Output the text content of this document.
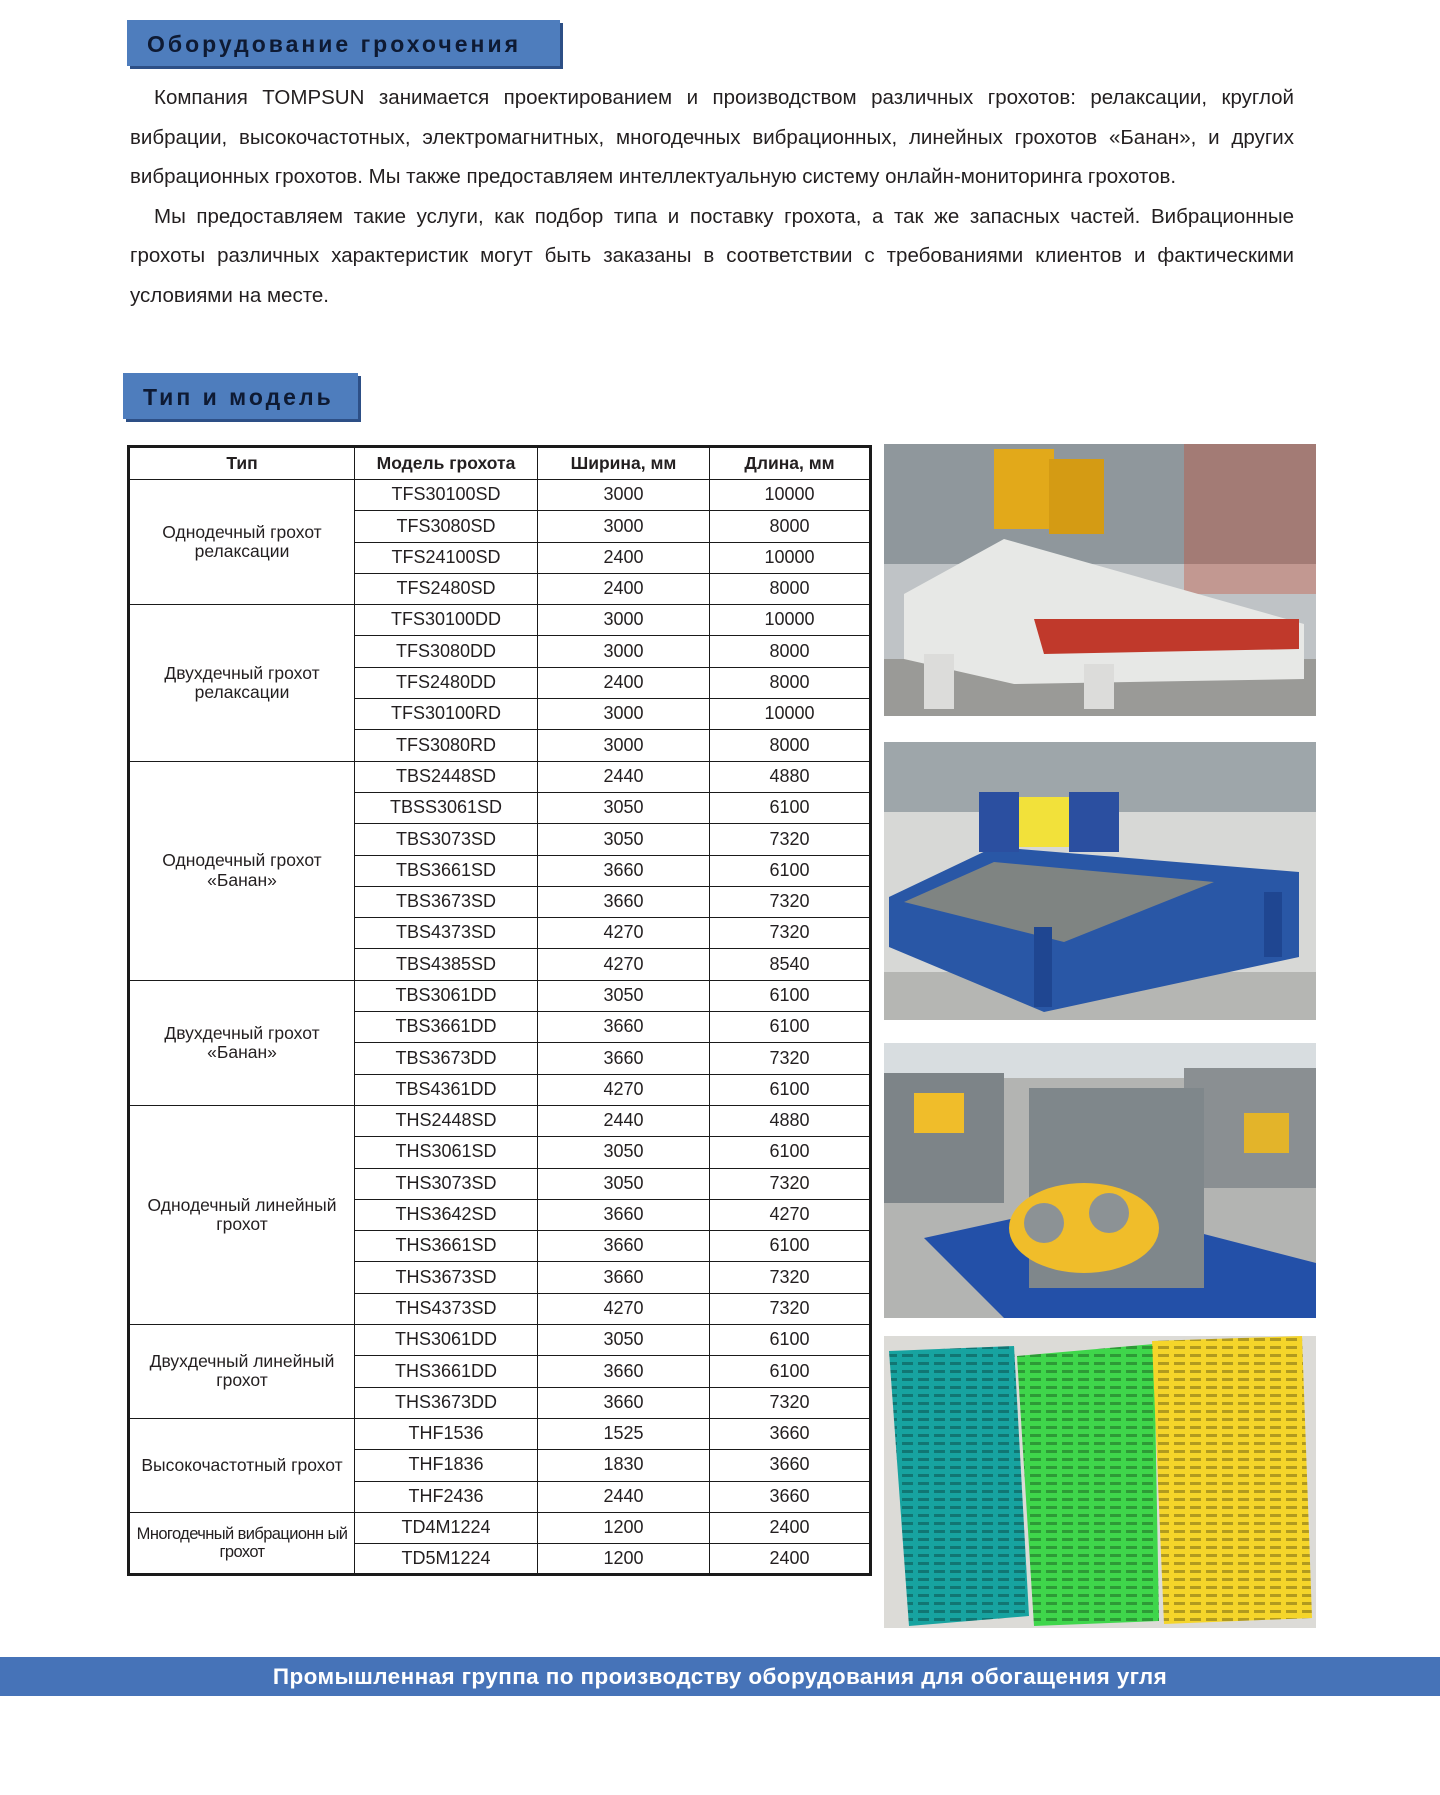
Оборудование грохочения

Компания TOMPSUN занимается проектированием и производством различных грохотов: релаксации, круглой вибрации, высокочастотных, электромагнитных, многодечных вибрационных, линейных грохотов «Банан», и других вибрационных грохотов. Мы также предоставляем интеллектуальную систему онлайн-мониторинга грохотов.

Мы предоставляем такие услуги, как подбор типа и поставку грохота, а так же запасных частей. Вибрационные грохоты различных характеристик могут быть заказаны в соответствии с требованиями клиентов и фактическими условиями на месте.

Тип и модель
Тип	Модель грохота	Ширина, мм	Длина, мм
Однодечный грохот релаксации	TFS30100SD	3000	10000
	TFS3080SD	3000	8000
	TFS24100SD	2400	10000
	TFS2480SD	2400	8000
Двухдечный грохот релаксации	TFS30100DD	3000	10000
	TFS3080DD	3000	8000
	TFS2480DD	2400	8000
	TFS30100RD	3000	10000
	TFS3080RD	3000	8000
Однодечный грохот «Банан»	TBS2448SD	2440	4880
	TBSS3061SD	3050	6100
	TBS3073SD	3050	7320
	TBS3661SD	3660	6100
	TBS3673SD	3660	7320
	TBS4373SD	4270	7320
	TBS4385SD	4270	8540
Двухдечный грохот «Банан»	TBS3061DD	3050	6100
	TBS3661DD	3660	6100
	TBS3673DD	3660	7320
	TBS4361DD	4270	6100
Однодечный линейный грохот	THS2448SD	2440	4880
	THS3061SD	3050	6100
	THS3073SD	3050	7320
	THS3642SD	3660	4270
	THS3661SD	3660	6100
	THS3673SD	3660	7320
	THS4373SD	4270	7320
Двухдечный линейный грохот	THS3061DD	3050	6100
	THS3661DD	3660	6100
	THS3673DD	3660	7320
Высокочастотный грохот	THF1536	1525	3660
	THF1836	1830	3660
	THF2436	2440	3660
Многодечный вибрационн ый грохот	TD4M1224	1200	2400
	TD5M1224	1200	2400
Промышленная группа по производству оборудования для обогащения угля
